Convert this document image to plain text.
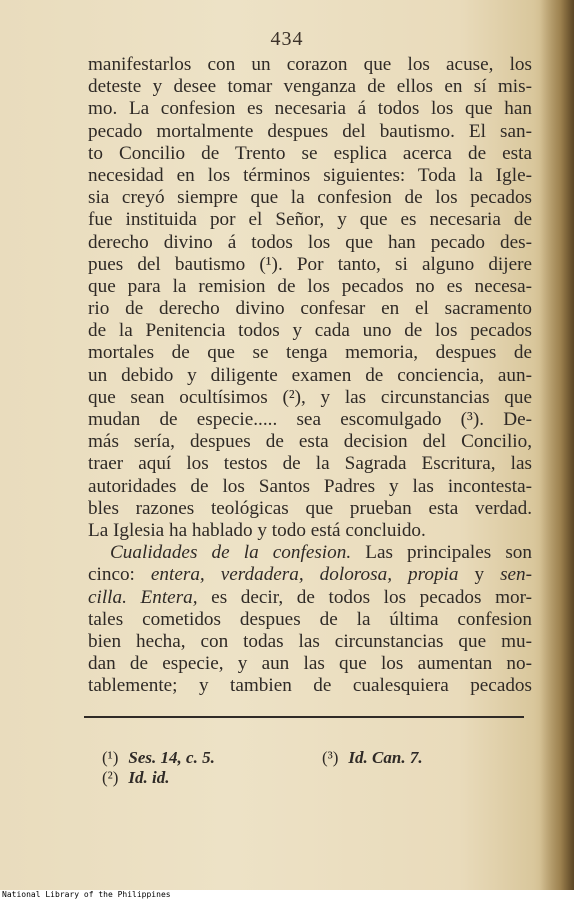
434
manifestarlos con un corazon que los acuse, los
deteste y desee tomar venganza de ellos en sí mis-
mo. La confesion es necesaria á todos los que han
pecado mortalmente despues del bautismo. El san-
to Concilio de Trento se esplica acerca de esta
necesidad en los términos siguientes: Toda la Igle-
sia creyó siempre que la confesion de los pecados
fue instituida por el Señor, y que es necesaria de
derecho divino á todos los que han pecado des-
pues del bautismo (¹). Por tanto, si alguno dijere
que para la remision de los pecados no es necesa-
rio de derecho divino confesar en el sacramento
de la Penitencia todos y cada uno de los pecados
mortales de que se tenga memoria, despues de
un debido y diligente examen de conciencia, aun-
que sean ocultísimos (²), y las circunstancias que
mudan de especie..... sea escomulgado (³). De-
más sería, despues de esta decision del Concilio,
traer aquí los testos de la Sagrada Escritura, las
autoridades de los Santos Padres y las incontesta-
bles razones teológicas que prueban esta verdad.
La Iglesia ha hablado y todo está concluido.
Cualidades de la confesion. Las principales son
cinco: entera, verdadera, dolorosa, propia y sen-
cilla. Entera, es decir, de todos los pecados mor-
tales cometidos despues de la última confesion
bien hecha, con todas las circunstancias que mu-
dan de especie, y aun las que los aumentan no-
tablemente; y tambien de cualesquiera pecados
(¹) Ses. 14, c. 5.
(²) Id. id.
(³) Id. Can. 7.
National Library of the Philippines
